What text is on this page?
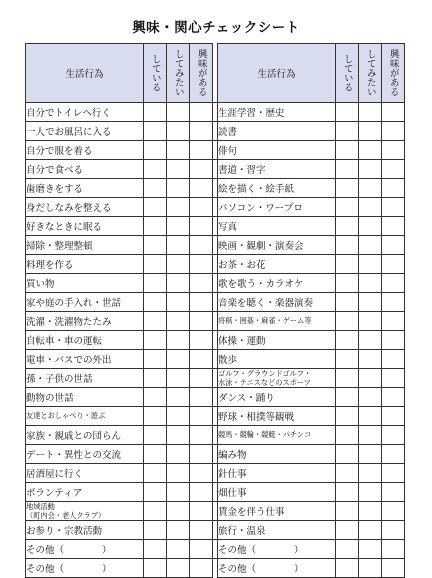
興味・関心チェックシート
生活行為	している	してみたい	興味がある		生活行為	している	してみたい	興味がある
自分でトイレへ行く					生涯学習・歴史			
一人でお風呂に入る					読書			
自分で服を着る					俳句			
自分で食べる					書道・習字			
歯磨きをする					絵を描く・絵手紙			
身だしなみを整える					パソコン・ワープロ			
好きなときに眠る					写真			
掃除・整理整頓					映画・観劇・演奏会			
料理を作る					お茶・お花			
買い物					歌を歌う・カラオケ			
家や庭の手入れ・世話					音楽を聴く・楽器演奏			
洗濯・洗濯物たたみ					将棋・囲碁・麻雀・ゲーム等			
自転車・車の運転					体操・運動			
電車・バスでの外出					散歩			
孫・子供の世話					ゴルフ・グラウンドゴルフ・
水泳・テニスなどのスポーツ			

動物の世話					ダンス・踊り			
友達とおしゃべり・遊ぶ					野球・相撲等観戦			
家族・親戚との団らん					競馬・競輪・競艇・パチンコ			
デート・異性との交流					編み物			
居酒屋に行く					針仕事			
ボランティア					畑仕事			

地域活動
（町内会・老人クラブ）					賃金を伴う仕事			
お参り・宗教活動					旅行・温泉			
その他（　　　　）					その他（　　　　）			
その他（　　　　）					その他（　　　　）			
